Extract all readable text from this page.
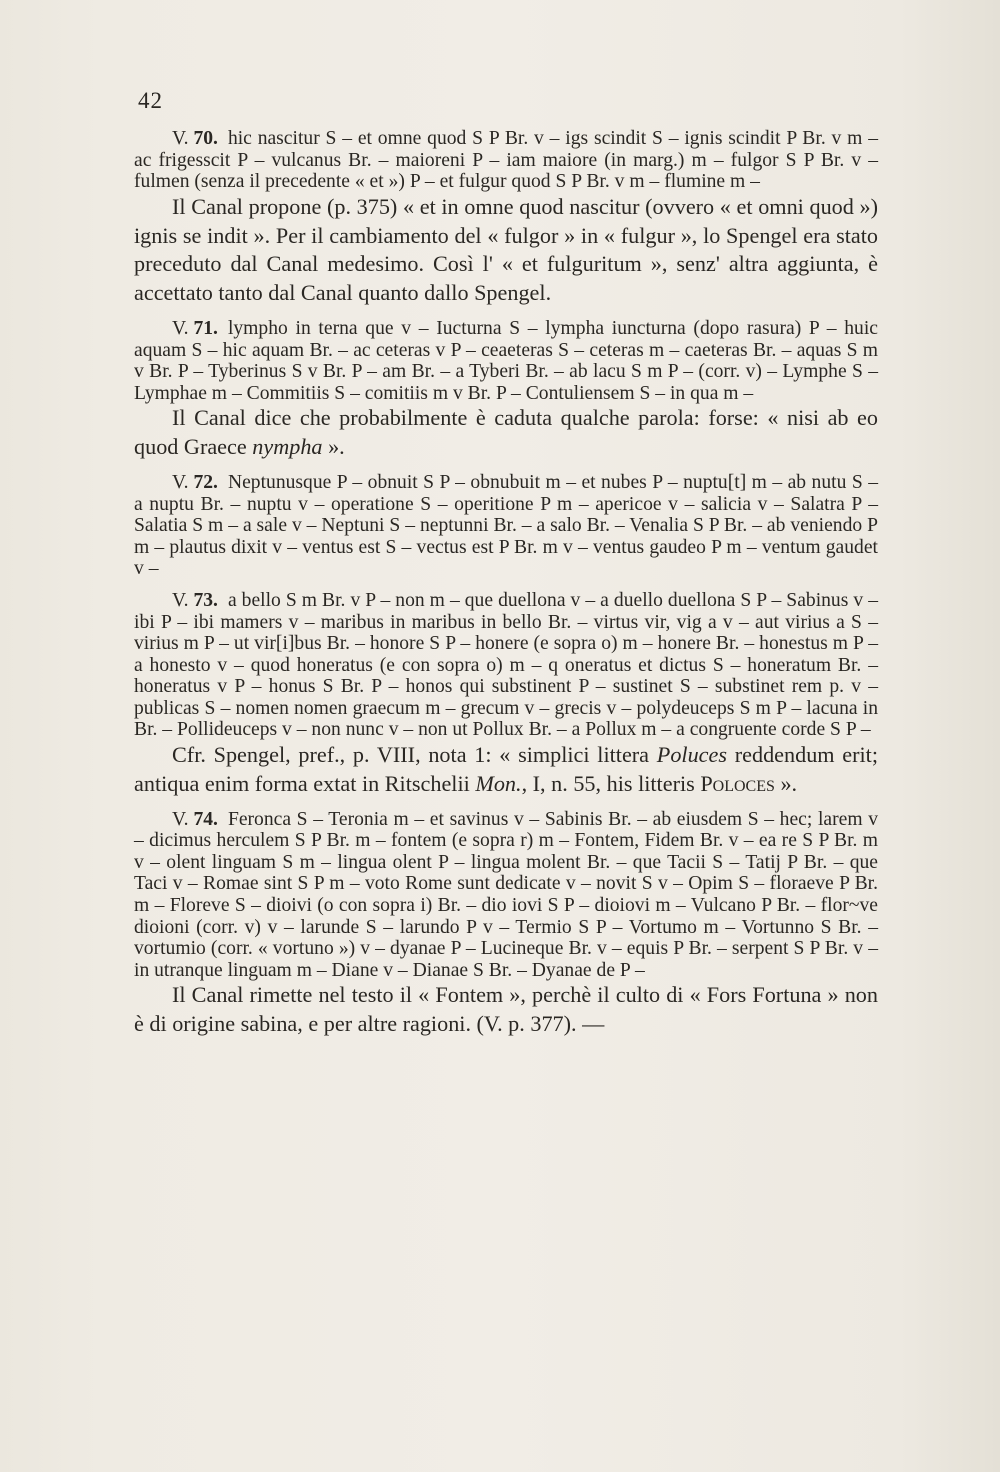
42

V. 70. hic nascitur S – et omne quod S P Br. v – igs scindit S – ignis scindit P Br. v m – ac frigesscit P – vulcanus Br. – maioreni P – iam maiore (in marg.) m – fulgor S P Br. v – fulmen (senza il precedente « et ») P – et fulgur quod S P Br. v m – flumine m –

Il Canal propone (p. 375) « et in omne quod nascitur (ovvero « et omni quod ») ignis se indit ». Per il cambiamento del « fulgor » in « fulgur », lo Spengel era stato preceduto dal Canal medesimo. Così l' « et fulguritum », senz' altra aggiunta, è accettato tanto dal Canal quanto dallo Spengel.

V. 71. lympho in terna que v – Iucturna S – lympha iuncturna (dopo rasura) P – huic aquam S – hic aquam Br. – ac ceteras v P – ceaeteras S – ceteras m – caeteras Br. – aquas S m v Br. P – Tyberinus S v Br. P – am Br. – a Tyberi Br. – ab lacu S m P – (corr. v) – Lymphe S – Lymphae m – Commitiis S – comitiis m v Br. P – Contuliensem S – in qua m –

Il Canal dice che probabilmente è caduta qualche parola: forse: « nisi ab eo quod Graece nympha ».

V. 72. Neptunusque P – obnuit S P – obnubuit m – et nubes P – nuptu[t] m – ab nutu S – a nuptu Br. – nuptu v – operatione S – operitione P m – apericoe v – salicia v – Salatra P – Salatia S m – a sale v – Neptuni S – neptunni Br. – a salo Br. – Venalia S P Br. – ab veniendo P m – plautus dixit v – ventus est S – vectus est P Br. m v – ventus gaudeo P m – ventum gaudet v –

V. 73. a bello S m Br. v P – non m – que duellona v – a duello duellona S P – Sabinus v – ibi P – ibi mamers v – maribus in maribus in bello Br. – virtus vir, vig a v – aut virius a S – virius m P – ut vir[i]bus Br. – honore S P – honere (e sopra o) m – honere Br. – honestus m P – a honesto v – quod honeratus (e con sopra o) m – q oneratus et dictus S – honeratum Br. – honeratus v P – honus S Br. P – honos qui substinent P – sustinet S – substinet rem p. v – publicas S – nomen nomen graecum m – grecum v – grecis v – polydeuceps S m P – lacuna in Br. – Pollideuceps v – non nunc v – non ut Pollux Br. – a Pollux m – a congruente corde S P –

Cfr. Spengel, pref., p. VIII, nota 1: « simplici littera Poluces reddendum erit; antiqua enim forma extat in Ritschelii Mon., I, n. 55, his litteris Poloces ».

V. 74. Feronca S – Teronia m – et savinus v – Sabinis Br. – ab eiusdem S – hec; larem v – dicimus herculem S P Br. m – fontem (e sopra r) m – Fontem, Fidem Br. v – ea re S P Br. m v – olent linguam S m – lingua olent P – lingua molent Br. – que Tacii S – Tatij P Br. – que Taci v – Romae sint S P m – voto Rome sunt dedicate v – novit S v – Opim S – floraeve P Br. m – Floreve S – dioivi (o con sopra i) Br. – dio iovi S P – dioiovi m – Vulcano P Br. – flor~ve dioioni (corr. v) v – larunde S – larundo P v – Termio S P – Vortumo m – Vortunno S Br. – vortumio (corr. « vortuno ») v – dyanae P – Lucineque Br. v – equis P Br. – serpent S P Br. v – in utranque linguam m – Diane v – Dianae S Br. – Dyanae de P –

Il Canal rimette nel testo il « Fontem », perchè il culto di « Fors Fortuna » non è di origine sabina, e per altre ragioni. (V. p. 377). —
